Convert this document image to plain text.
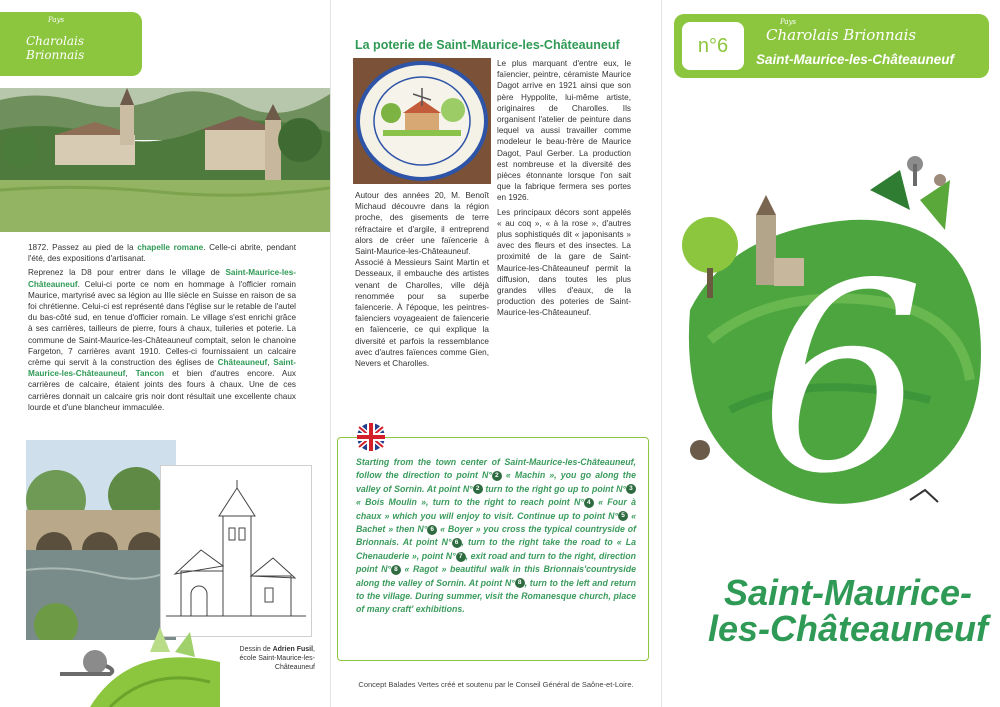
Pays
Charolais Brionnais

1872. Passez au pied de la chapelle romane. Celle-ci abrite, pendant l'été, des expositions d'artisanat.

Reprenez la D8 pour entrer dans le village de Saint-Maurice-les-Châteauneuf. Celui-ci porte ce nom en hommage à l'officier romain Maurice, martyrisé avec sa légion au IIIe siècle en Suisse en raison de sa foi chrétienne. Celui-ci est représenté dans l'église sur le retable de l'autel du bas-côté sud, en tenue d'officier romain. Le village s'est enrichi grâce à ses carrières, tailleurs de pierre, fours à chaux, tuileries et poterie. La commune de Saint-Maurice-les-Châteauneuf comptait, selon le chanoine Fargeton, 7 carrières avant 1910. Celles-ci fournissaient un calcaire crème qui servit à la construction des églises de Châteauneuf, Saint-Maurice-les-Châteauneuf, Tancon et bien d'autres encore. Aux carrières de calcaire, étaient joints des fours à chaux. Une de ces carrières donnait un calcaire gris noir dont résultait une excellente chaux lourde et d'une blancheur immaculée.

Dessin de Adrien Fusil,
école Saint-Maurice-les-Châteauneuf
La poterie de Saint-Maurice-les-Châteauneuf
Autour des années 20, M. Benoît Michaud découvre dans la région proche, des gisements de terre réfractaire et d'argile, il entreprend alors de créer une faïencerie à Saint-Maurice-les-Châteauneuf. Associé à Messieurs Saint Martin et Desseaux, il embauche des artistes venant de Charolles, ville déjà renommée pour sa superbe faïencerie. À l'époque, les peintres-faïenciers voyageaient de faïencerie en faïencerie, ce qui explique la diversité et parfois la ressemblance avec d'autres faïences comme Gien, Nevers et Charolles.

Le plus marquant d'entre eux, le faïencier, peintre, céramiste Maurice Dagot arrive en 1921 ainsi que son père Hyppolite, lui-même artiste, originaires de Charolles. Ils organisent l'atelier de peinture dans lequel va aussi travailler comme modeleur le beau-frère de Maurice Dagot, Paul Gerber. La production est nombreuse et la diversité des pièces étonnante lorsque l'on sait que la fabrique fermera ses portes en 1926.

Les principaux décors sont appelés « au coq », « à la rose », d'autres plus sophistiqués dit « japonisants » avec des fleurs et des insectes. La proximité de la gare de Saint-Maurice-les-Châteauneuf permit la diffusion, dans toutes les plus grandes villes d'eaux, de la production des poteries de Saint-Maurice-les-Châteauneuf.

Starting from the town center of Saint-Maurice-les-Châteauneuf, follow the direction to point N° 2 « Machin », you go along the valley of Sornin. At point N° 2 turn to the right go up to point N° 3 « Bois Moulin », turn to the right to reach point N° 4 « Four à chaux » which you will enjoy to visit. Continue up to point N° 5 « Bachet » then N° 6 « Boyer » you cross the typical countryside of Brionnais. At point N° 6 , turn to the right take the road to « La Chenauderie », point N° 7 , exit road and turn to the right, direction point N° 8 « Ragot » beautiful walk in this Brionnais'countryside along the valley of Sornin. At point N° 8 , turn to the left and return to the village. During summer, visit the Romanesque church, place of many craft' exhibitions.
Concept Balades Vertes créé et soutenu par le Conseil Général de Saône-et-Loire.
n°6
Pays
Charolais Brionnais
Saint-Maurice-les-Châteauneuf
6
Saint-Maurice-
les-Châteauneuf
